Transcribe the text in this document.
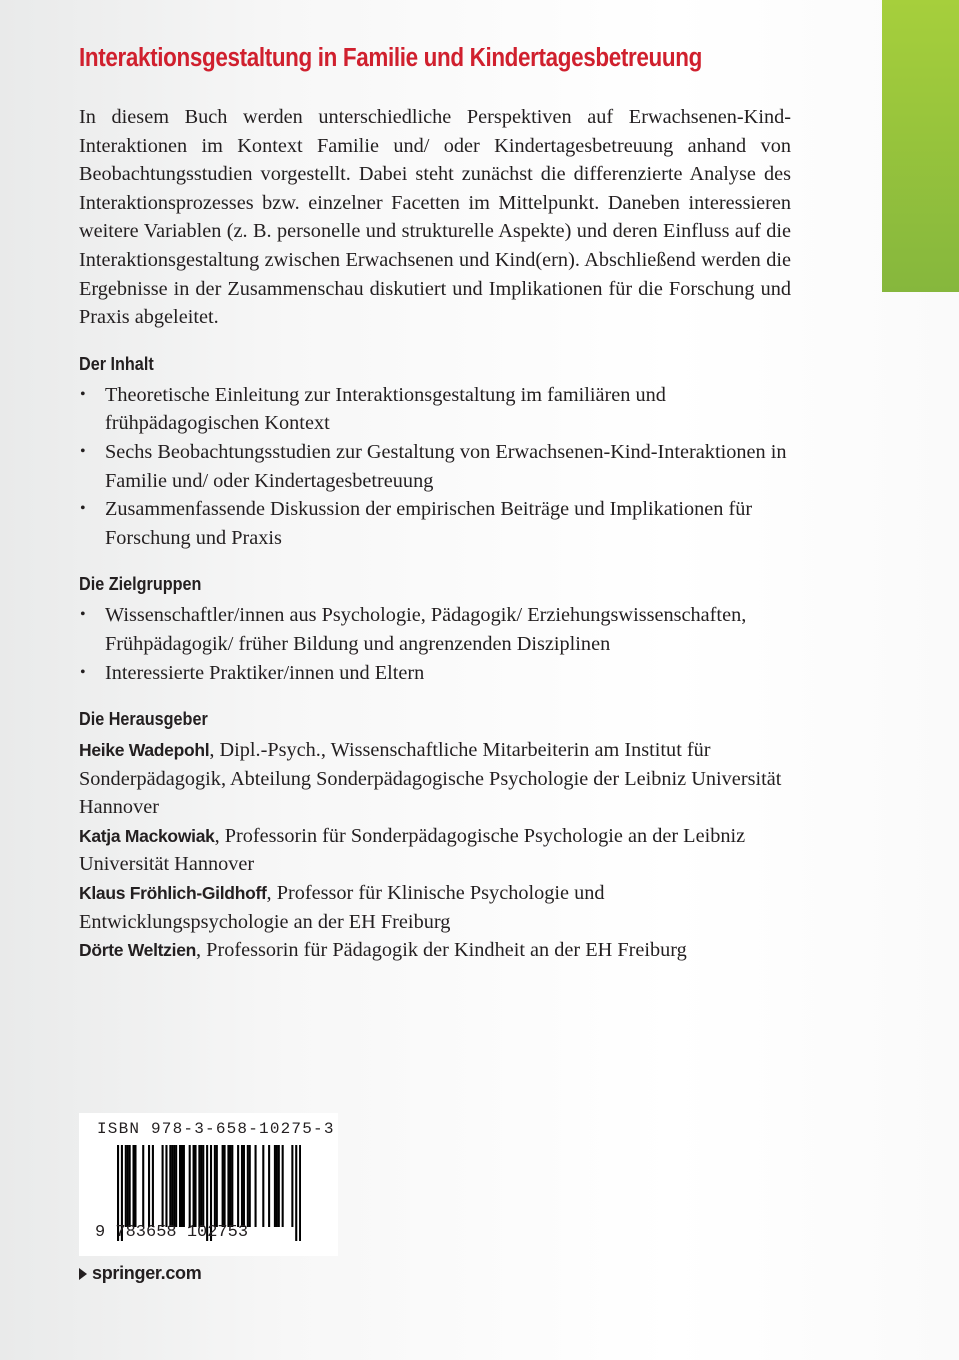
Interaktionsgestaltung in Familie und Kindertagesbetreuung

In diesem Buch werden unterschiedliche Perspektiven auf Erwachsenen-Kind-Interaktionen im Kontext Familie und/ oder Kindertagesbetreuung anhand von Beobachtungsstudien vorgestellt. Dabei steht zunächst die differenzierte Analyse des Interaktionsprozesses bzw. einzelner Facetten im Mittelpunkt. Daneben interessieren weitere Variablen (z. B. personelle und strukturelle Aspekte) und deren Einfluss auf die Interaktionsgestaltung zwischen Erwachsenen und Kind(ern). Abschließend werden die Ergebnisse in der Zusammenschau diskutiert und Implikationen für die Forschung und Praxis abgeleitet.

Der Inhalt
• Theoretische Einleitung zur Interaktionsgestaltung im familiären und frühpädagogischen Kontext
• Sechs Beobachtungsstudien zur Gestaltung von Erwachsenen-Kind-Interaktionen in Familie und/ oder Kindertagesbetreuung
• Zusammenfassende Diskussion der empirischen Beiträge und Implikationen für Forschung und Praxis
Die Zielgruppen
• Wissenschaftler/innen aus Psychologie, Pädagogik/ Erziehungswissenschaften, Frühpädagogik/ früher Bildung und angrenzenden Disziplinen
• Interessierte Praktiker/innen und Eltern
Die Herausgeber

Heike Wadepohl, Dipl.-Psych., Wissenschaftliche Mitarbeiterin am Institut für Sonderpädagogik, Abteilung Sonderpädagogische Psychologie der Leibniz Universität Hannover

Katja Mackowiak, Professorin für Sonderpädagogische Psychologie an der Leibniz Universität Hannover

Klaus Fröhlich-Gildhoff, Professor für Klinische Psychologie und Entwicklungspsychologie an der EH Freiburg

Dörte Weltzien, Professorin für Pädagogik der Kindheit an der EH Freiburg

ISBN 978-3-658-10275-3
9 783658 102753
springer.com
